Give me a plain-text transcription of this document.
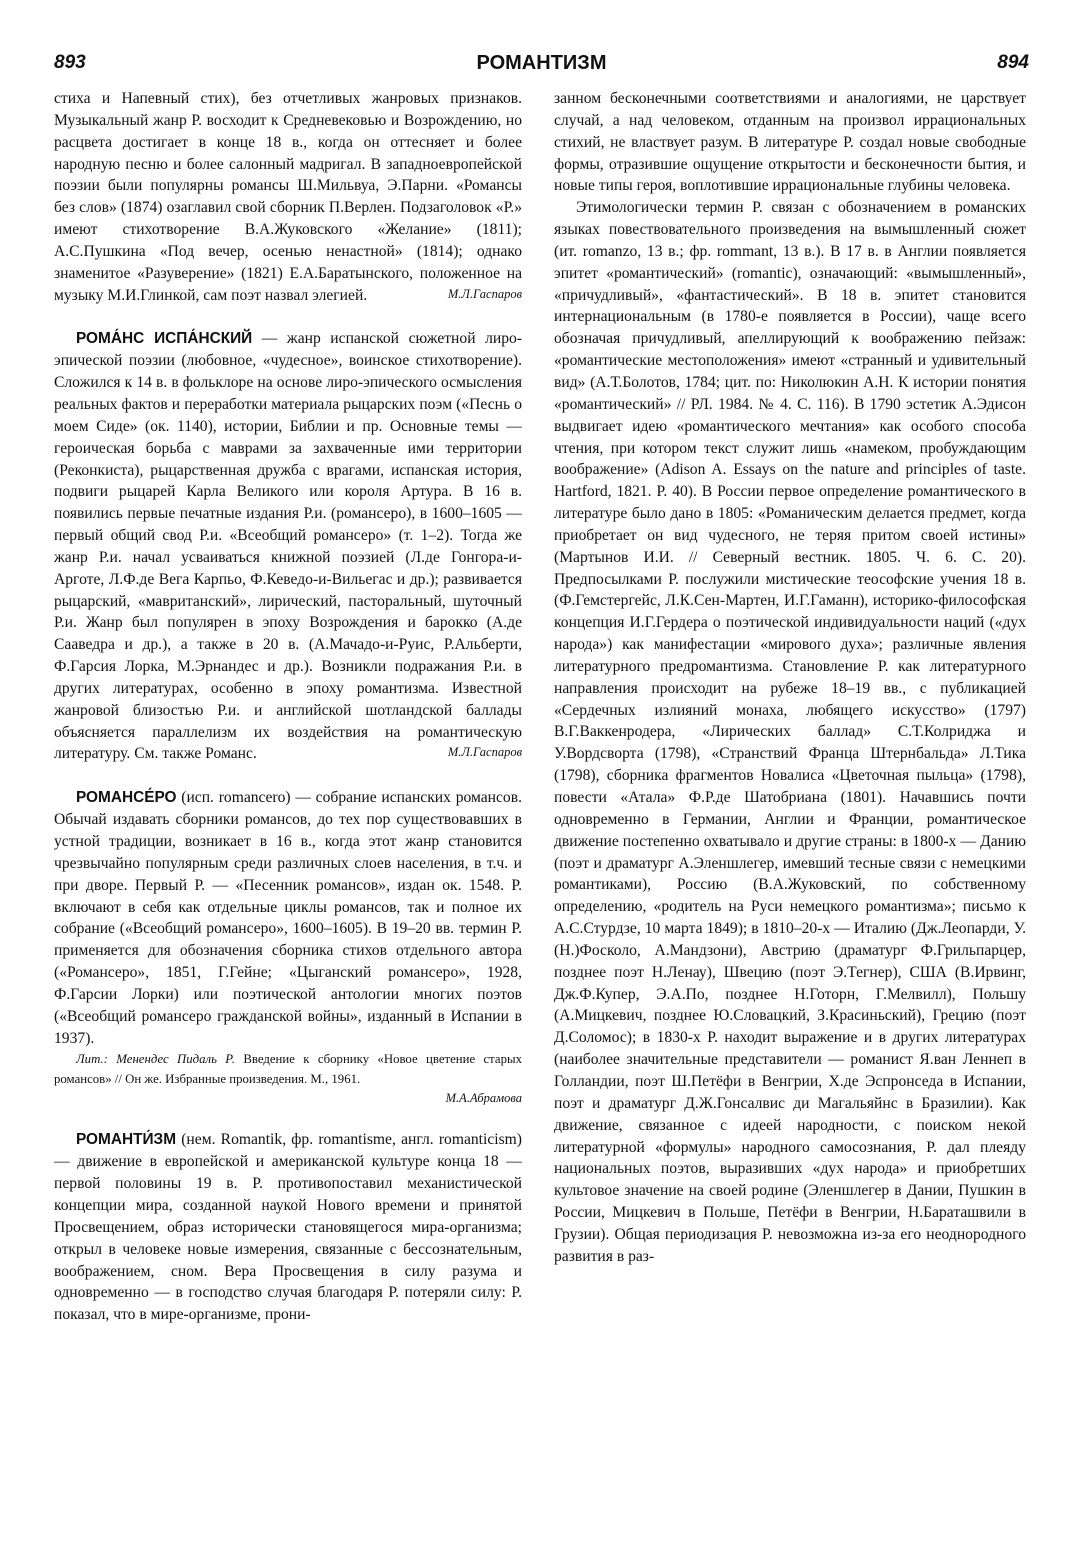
893	РОМАНТИЗМ	894

стиха и Напевный стих), без отчетливых жанровых признаков. Музыкальный жанр Р. восходит к Средневековью и Возрождению, но расцвета достигает в конце 18 в., когда он оттесняет и более народную песню и более салонный мадригал. В западноевропейской поэзии были популярны романсы Ш.Мильвуа, Э.Парни. «Романсы без слов» (1874) озаглавил свой сборник П.Верлен. Подзаголовок «Р.» имеют стихотворение В.А.Жуковского «Желание» (1811); А.С.Пушкина «Под вечер, осенью ненастной» (1814); однако знаменитое «Разуверение» (1821) Е.А.Баратынского, положенное на музыку М.И.Глинкой, сам поэт назвал элегией.	М.Л.Гаспаров

РОМА́НС ИСПА́НСКИЙ — жанр испанской сюжетной лиро-эпической поэзии (любовное, «чудесное», воинское стихотворение). Сложился к 14 в. в фольклоре на основе лиро-эпического осмысления реальных фактов и переработки материала рыцарских поэм («Песнь о моем Сиде» (ок. 1140), истории, Библии и пр. Основные темы — героическая борьба с маврами за захваченные ими территории (Реконкиста), рыцарственная дружба с врагами, испанская история, подвиги рыцарей Карла Великого или короля Артура. В 16 в. появились первые печатные издания Р.и. (романсеро), в 1600–1605 — первый общий свод Р.и. «Всеобщий романсеро» (т. 1–2). Тогда же жанр Р.и. начал усваиваться книжной поэзией (Л.де Гонгора-и-Арготе, Л.Ф.де Вега Карпьо, Ф.Кеведо-и-Вильегас и др.); развивается рыцарский, «мавританский», лирический, пасторальный, шуточный Р.и. Жанр был популярен в эпоху Возрождения и барокко (А.де Сааведра и др.), а также в 20 в. (А.Мачадо-и-Руис, Р.Альберти, Ф.Гарсия Лорка, М.Эрнандес и др.). Возникли подражания Р.и. в других литературах, особенно в эпоху романтизма. Известной жанровой близостью Р.и. и английской шотландской баллады объясняется параллелизм их воздействия на романтическую литературу. См. также Романс.	М.Л.Гаспаров

РОМАНСЕ́РО (исп. romancero) — собрание испанских романсов. Обычай издавать сборники романсов, до тех пор существовавших в устной традиции, возникает в 16 в., когда этот жанр становится чрезвычайно популярным среди различных слоев населения, в т.ч. и при дворе. Первый Р. — «Песенник романсов», издан ок. 1548. Р. включают в себя как отдельные циклы романсов, так и полное их собрание («Всеобщий романсеро», 1600–1605). В 19–20 вв. термин Р. применяется для обозначения сборника стихов отдельного автора («Романсеро», 1851, Г.Гейне; «Цыганский романсеро», 1928, Ф.Гарсии Лорки) или поэтической антологии многих поэтов («Всеобщий романсеро гражданской войны», изданный в Испании в 1937).

Лит.: Менендес Пидаль Р. Введение к сборнику «Новое цветение старых романсов» // Он же. Избранные произведения. М., 1961.

М.А.Абрамова

РОМАНТИ́ЗМ (нем. Romantik, фр. romantisme, англ. romanticism) — движение в европейской и американской культуре конца 18 — первой половины 19 в. Р. противопоставил механистической концепции мира, созданной наукой Нового времени и принятой Просвещением, образ исторически становящегося мира-организма; открыл в человеке новые измерения, связанные с бессознательным, воображением, сном. Вера Просвещения в силу разума и одновременно — в господство случая благодаря Р. потеряли силу: Р. показал, что в мире-организме, прони-

занном бесконечными соответствиями и аналогиями, не царствует случай, а над человеком, отданным на произвол иррациональных стихий, не властвует разум. В литературе Р. создал новые свободные формы, отразившие ощущение открытости и бесконечности бытия, и новые типы героя, воплотившие иррациональные глубины человека.

Этимологически термин Р. связан с обозначением в романских языках повествовательного произведения на вымышленный сюжет (ит. romanzo, 13 в.; фр. rommant, 13 в.). В 17 в. в Англии появляется эпитет «романтический» (romantic), означающий: «вымышленный», «причудливый», «фантастический». В 18 в. эпитет становится интернациональным (в 1780-е появляется в России), чаще всего обозначая причудливый, апеллирующий к воображению пейзаж: «романтические местоположения» имеют «странный и удивительный вид» (А.Т.Болотов, 1784; цит. по: Николюкин А.Н. К истории понятия «романтический» // РЛ. 1984. № 4. С. 116). В 1790 эстетик А.Эдисон выдвигает идею «романтического мечтания» как особого способа чтения, при котором текст служит лишь «намеком, пробуждающим воображение» (Adison A. Essays on the nature and principles of taste. Hartford, 1821. P. 40). В России первое определение романтического в литературе было дано в 1805: «Романическим делается предмет, когда приобретает он вид чудесного, не теряя притом своей истины» (Мартынов И.И. // Северный вестник. 1805. Ч. 6. С. 20). Предпосылками Р. послужили мистические теософские учения 18 в. (Ф.Гемстергейс, Л.К.Сен-Мартен, И.Г.Гаманн), историко-философская концепция И.Г.Гердера о поэтической индивидуальности наций («дух народа») как манифестации «мирового духа»; различные явления литературного предромантизма. Становление Р. как литературного направления происходит на рубеже 18–19 вв., с публикацией «Сердечных излияний монаха, любящего искусство» (1797) В.Г.Ваккенродера, «Лирических баллад» С.Т.Колриджа и У.Вордсворта (1798), «Странствий Франца Штернбальда» Л.Тика (1798), сборника фрагментов Новалиса «Цветочная пыльца» (1798), повести «Атала» Ф.Р.де Шатобриана (1801). Начавшись почти одновременно в Германии, Англии и Франции, романтическое движение постепенно охватывало и другие страны: в 1800-х — Данию (поэт и драматург А.Эленшлегер, имевший тесные связи с немецкими романтиками), Россию (В.А.Жуковский, по собственному определению, «родитель на Руси немецкого романтизма»; письмо к А.С.Стурдзе, 10 марта 1849); в 1810–20-х — Италию (Дж.Леопарди, У.(Н.)Фосколо, А.Мандзони), Австрию (драматург Ф.Грильпарцер, позднее поэт Н.Ленау), Швецию (поэт Э.Тегнер), США (В.Ирвинг, Дж.Ф.Купер, Э.А.По, позднее Н.Готорн, Г.Мелвилл), Польшу (А.Мицкевич, позднее Ю.Словацкий, З.Красиньский), Грецию (поэт Д.Соломос); в 1830-х Р. находит выражение и в других литературах (наиболее значительные представители — романист Я.ван Леннеп в Голландии, поэт Ш.Петёфи в Венгрии, Х.де Эспронседа в Испании, поэт и драматург Д.Ж.Гонсалвис ди Магальяйнс в Бразилии). Как движение, связанное с идеей народности, с поиском некой литературной «формулы» народного самосознания, Р. дал плеяду национальных поэтов, выразивших «дух народа» и приобретших культовое значение на своей родине (Эленшлегер в Дании, Пушкин в России, Мицкевич в Польше, Петёфи в Венгрии, Н.Бараташвили в Грузии). Общая периодизация Р. невозможна из-за его неоднородного развития в раз-
